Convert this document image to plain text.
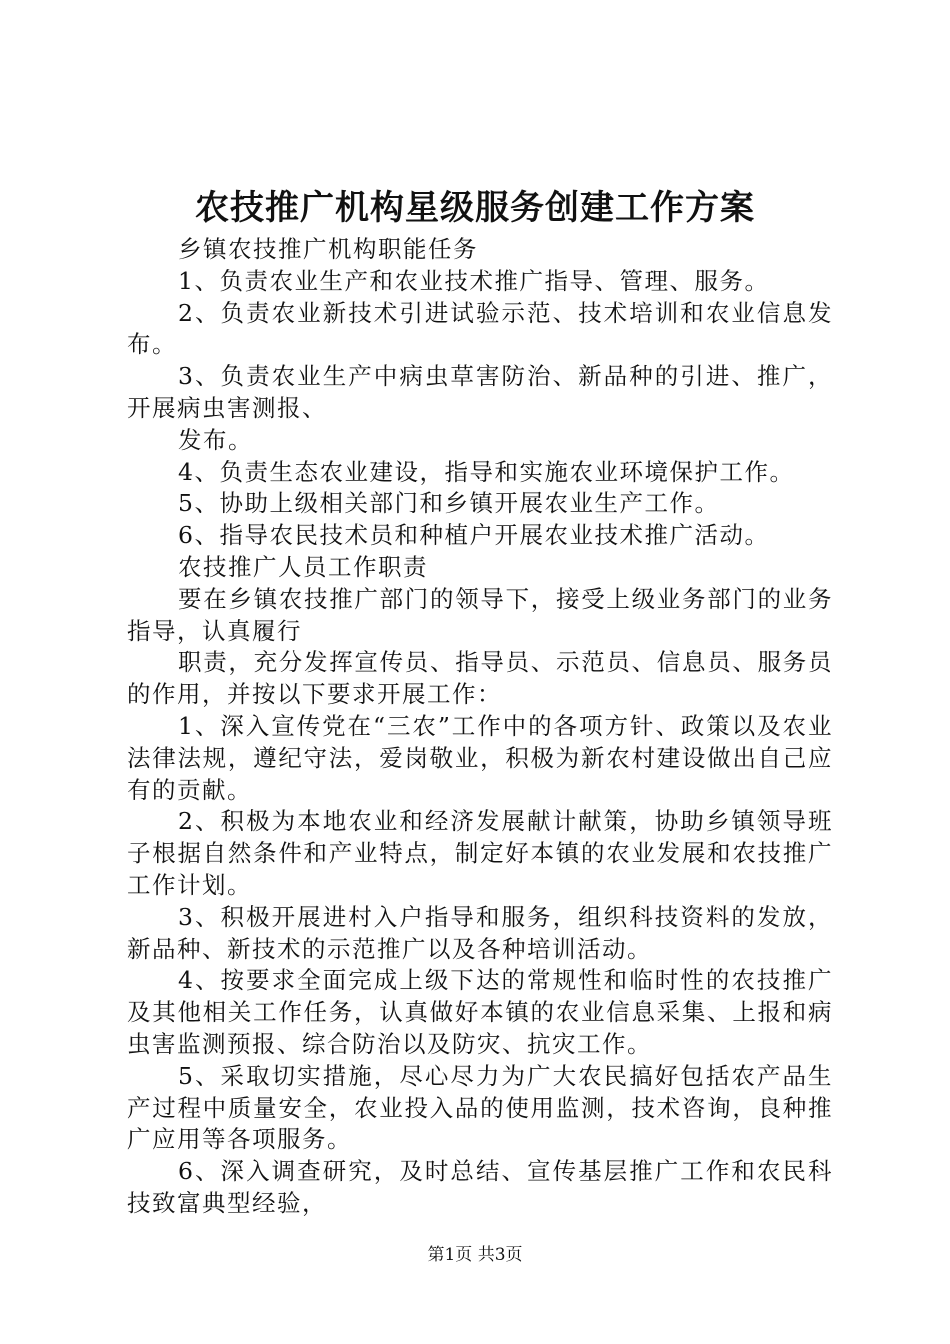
农技推广机构星级服务创建工作方案

乡镇农技推广机构职能任务

1、负责农业生产和农业技术推广指导、管理、服务。

2、负责农业新技术引进试验示范、技术培训和农业信息发布。

3、负责农业生产中病虫草害防治、新品种的引进、推广，开展病虫害测报、

发布。

4、负责生态农业建设，指导和实施农业环境保护工作。

5、协助上级相关部门和乡镇开展农业生产工作。

6、指导农民技术员和种植户开展农业技术推广活动。

农技推广人员工作职责

要在乡镇农技推广部门的领导下，接受上级业务部门的业务指导，认真履行

职责，充分发挥宣传员、指导员、示范员、信息员、服务员的作用，并按以下要求开展工作：

1、深入宣传党在“三农”工作中的各项方针、政策以及农业法律法规，遵纪守法，爱岗敬业，积极为新农村建设做出自己应有的贡献。

2、积极为本地农业和经济发展献计献策，协助乡镇领导班子根据自然条件和产业特点，制定好本镇的农业发展和农技推广工作计划。

3、积极开展进村入户指导和服务，组织科技资料的发放，新品种、新技术的示范推广以及各种培训活动。

4、按要求全面完成上级下达的常规性和临时性的农技推广及其他相关工作任务，认真做好本镇的农业信息采集、上报和病虫害监测预报、综合防治以及防灾、抗灾工作。

5、采取切实措施，尽心尽力为广大农民搞好包括农产品生产过程中质量安全，农业投入品的使用监测，技术咨询，良种推广应用等各项服务。

6、深入调查研究，及时总结、宣传基层推广工作和农民科技致富典型经验，

第1页 共3页
